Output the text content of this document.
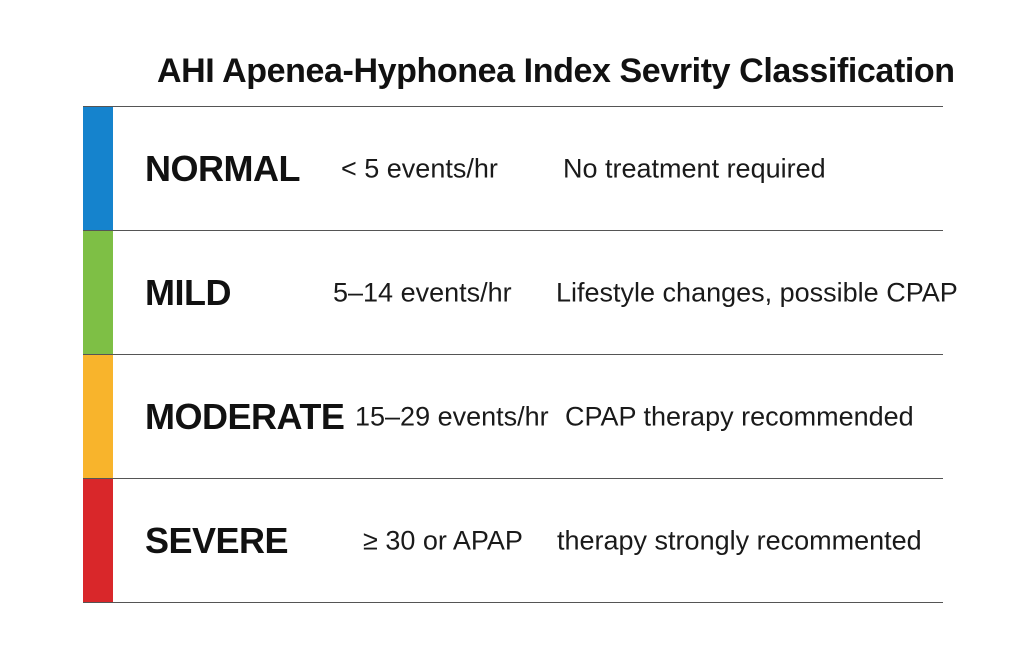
AHI Apenea-Hyphonea Index Sevrity Classification
NORMAL < 5 events/hr No treatment required
MILD	5–14 events/hr Lifestyle changes, possible CPAP
MODERATE 15–29 events/hr CPAP therapy recommended
SEVERE	≥ 30 or APAP therapy strongly recommented
